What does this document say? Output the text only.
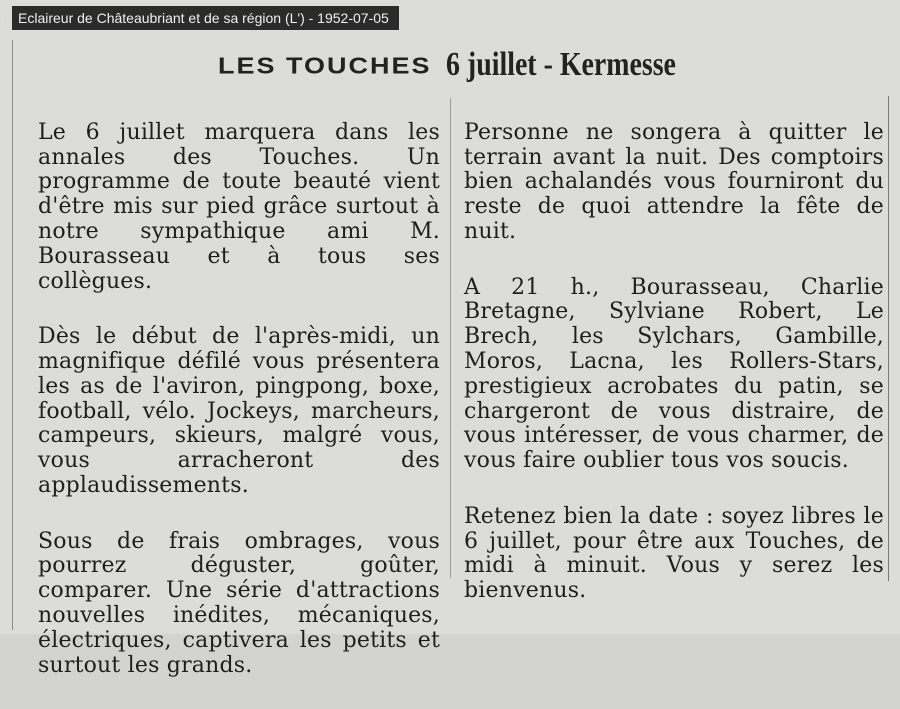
: Eclaireur de Châteaubriant et de sa région (L') - 1952-07-05
LES TOUCHES 6 juillet - Kermesse

Le 6 juillet marquera dans les annales des Touches. Un programme de toute beauté vient d'être mis sur pied grâce surtout à notre sympathique ami M. Bourasseau et à tous ses collègues.

Dès le début de l'après-midi, un magnifique défilé vous présentera les as de l'aviron, pingpong, boxe, football, vélo. Jockeys, marcheurs, campeurs, skieurs, malgré vous, vous arracheront des applaudissements.

Sous de frais ombrages, vous pourrez déguster, goûter, comparer. Une série d'attractions nouvelles inédites, mécaniques, électriques, captivera les petits et surtout les grands.

Personne ne songera à quitter le terrain avant la nuit. Des comptoirs bien achalandés vous fourniront du reste de quoi attendre la fête de nuit.

A 21 h., Bourasseau, Charlie Bretagne, Sylviane Robert, Le Brech, les Sylchars, Gambille, Moros, Lacna, les Rollers-Stars, prestigieux acrobates du patin, se chargeront de vous distraire, de vous intéresser, de vous charmer, de vous faire oublier tous vos soucis.

Retenez bien la date : soyez libres le 6 juillet, pour être aux Touches, de midi à minuit. Vous y serez les bienvenus.
